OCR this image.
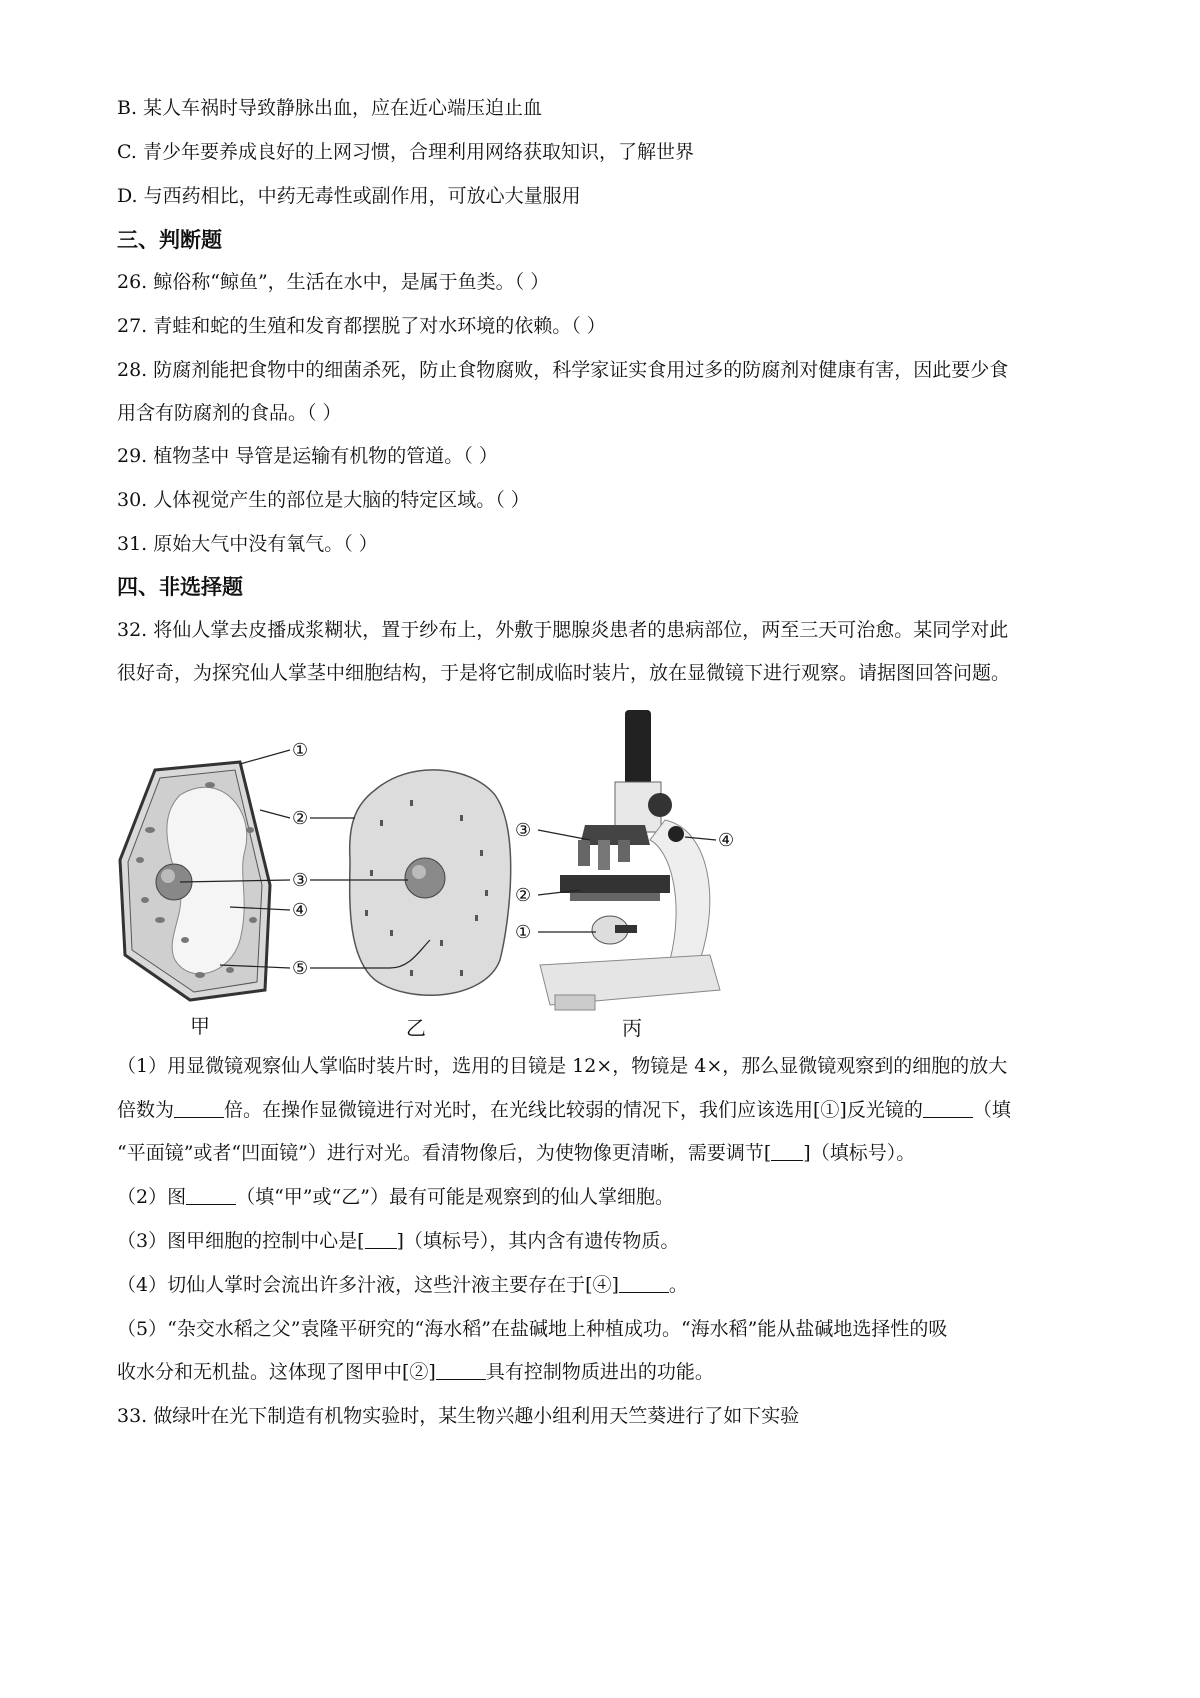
B. 某人车祸时导致静脉出血，应在近心端压迫止血
C. 青少年要养成良好的上网习惯，合理利用网络获取知识，了解世界
D. 与西药相比，中药无毒性或副作用，可放心大量服用
三、判断题
26. 鲸俗称“鲸鱼”，生活在水中，是属于鱼类。（ ）
27. 青蛙和蛇的生殖和发育都摆脱了对水环境的依赖。（ ）
28. 防腐剂能把食物中的细菌杀死，防止食物腐败，科学家证实食用过多的防腐剂对健康有害，因此要少食
用含有防腐剂的食品。（ ）
29. 植物茎中 导管是运输有机物的管道。（ ）
30. 人体视觉产生的部位是大脑的特定区域。（ ）
31. 原始大气中没有氧气。（ ）
四、非选择题
32. 将仙人掌去皮播成浆糊状，置于纱布上，外敷于腮腺炎患者的患病部位，两至三天可治愈。某同学对此
很好奇，为探究仙人掌茎中细胞结构，于是将它制成临时装片，放在显微镜下进行观察。请据图回答问题。
①
②
③
④
⑤
③	④
②
①
甲	乙	丙
（1）用显微镜观察仙人掌临时装片时，选用的目镜是 12×，物镜是 4×，那么显微镜观察到的细胞的放大
倍数为	倍。在操作显微镜进行对光时，在光线比较弱的情况下，我们应该选用[①]反光镜的	（填
“平面镜”或者“凹面镜”）进行对光。看清物像后，为使物像更清晰，需要调节[ ]（填标号）。
（2）图	（填“甲”或“乙”）最有可能是观察到的仙人掌细胞。
（3）图甲细胞的控制中心是[ ]（填标号），其内含有遗传物质。
（4）切仙人掌时会流出许多汁液，这些汁液主要存在于[④]	。
（5）“杂交水稻之父”袁隆平研究的“海水稻”在盐碱地上种植成功。“海水稻”能从盐碱地选择性的吸
收水分和无机盐。这体现了图甲中[②]	具有控制物质进出的功能。
33. 做绿叶在光下制造有机物实验时，某生物兴趣小组利用天竺葵进行了如下实验
